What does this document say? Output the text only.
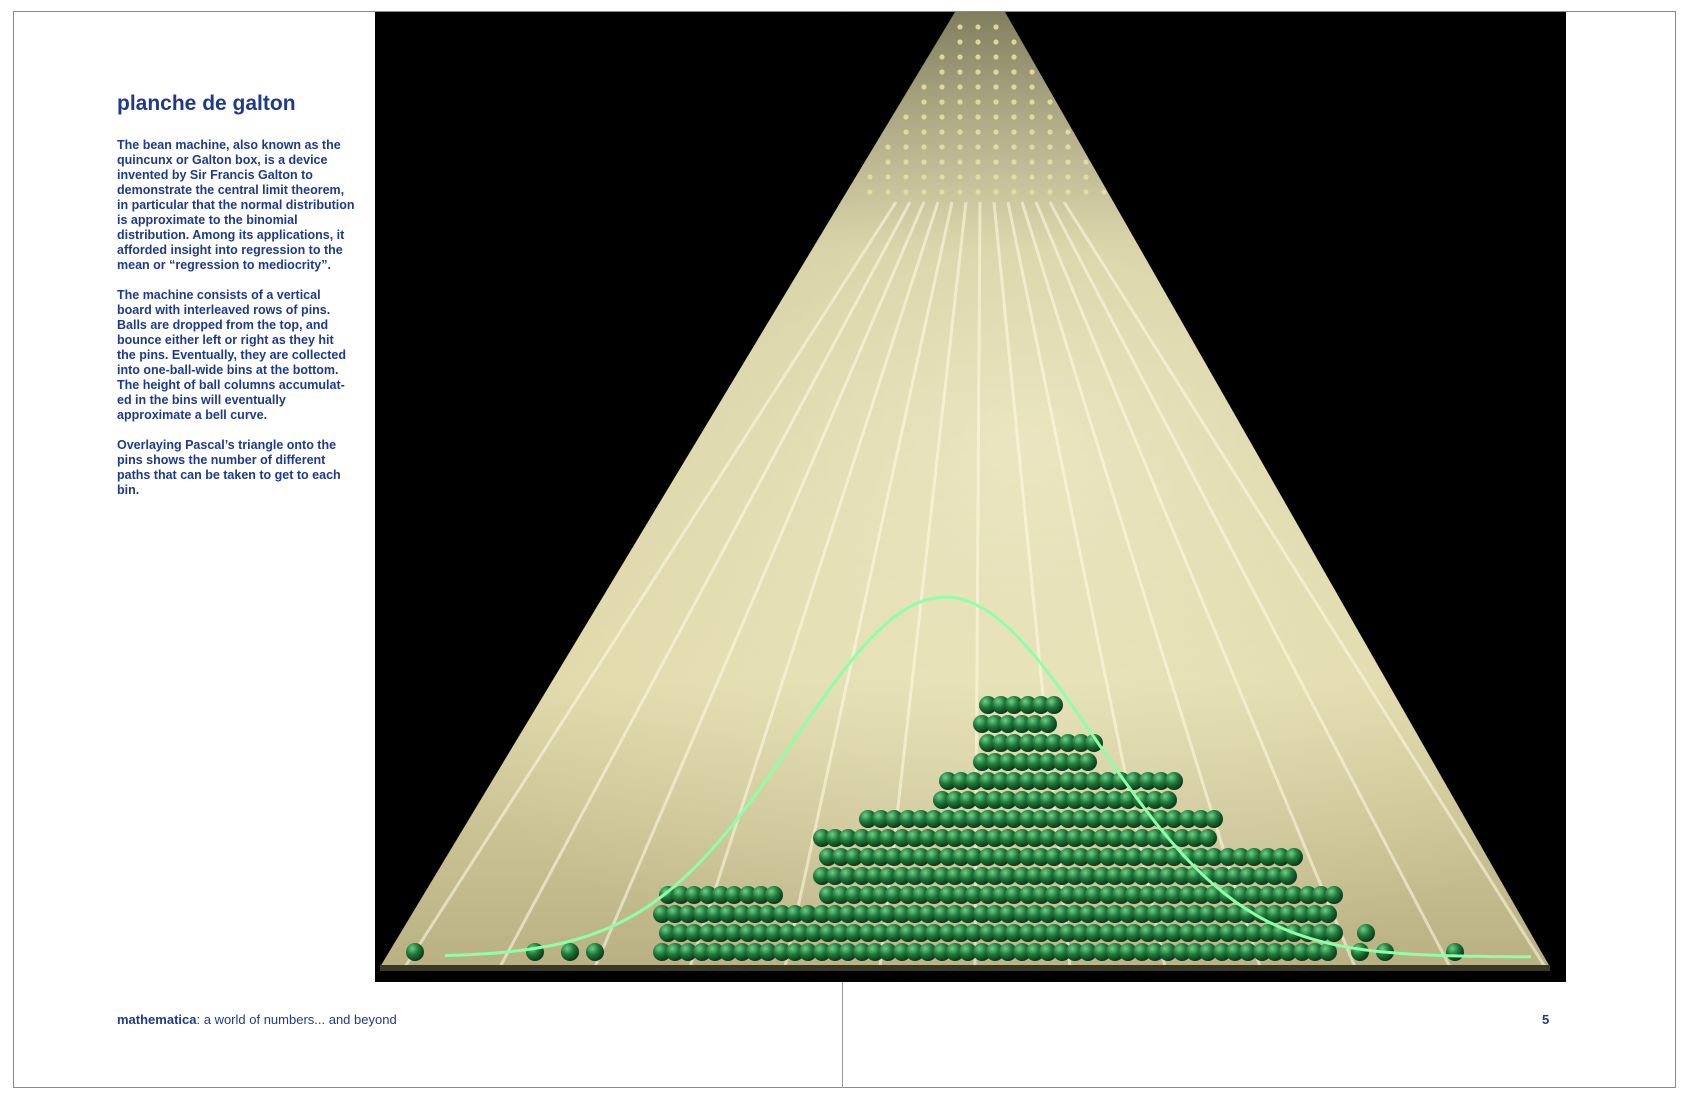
planche de galton

The bean machine, also known as the quincunx or Galton box, is a device invented by Sir Francis Galton to demonstrate the central limit theorem, in particular that the normal distribution is approximate to the binomial distribution. Among its applications, it afforded insight into regression to the mean or “regression to mediocrity”.

The machine consists of a vertical board with interleaved rows of pins. Balls are dropped from the top, and bounce either left or right as they hit the pins. Eventually, they are collected into one-ball-wide bins at the bottom. The height of ball columns accumulat-ed in the bins will eventually approximate a bell curve.

Overlaying Pascal’s triangle onto the pins shows the number of different paths that can be taken to get to each bin.

mathematica: a world of numbers... and beyond	5
